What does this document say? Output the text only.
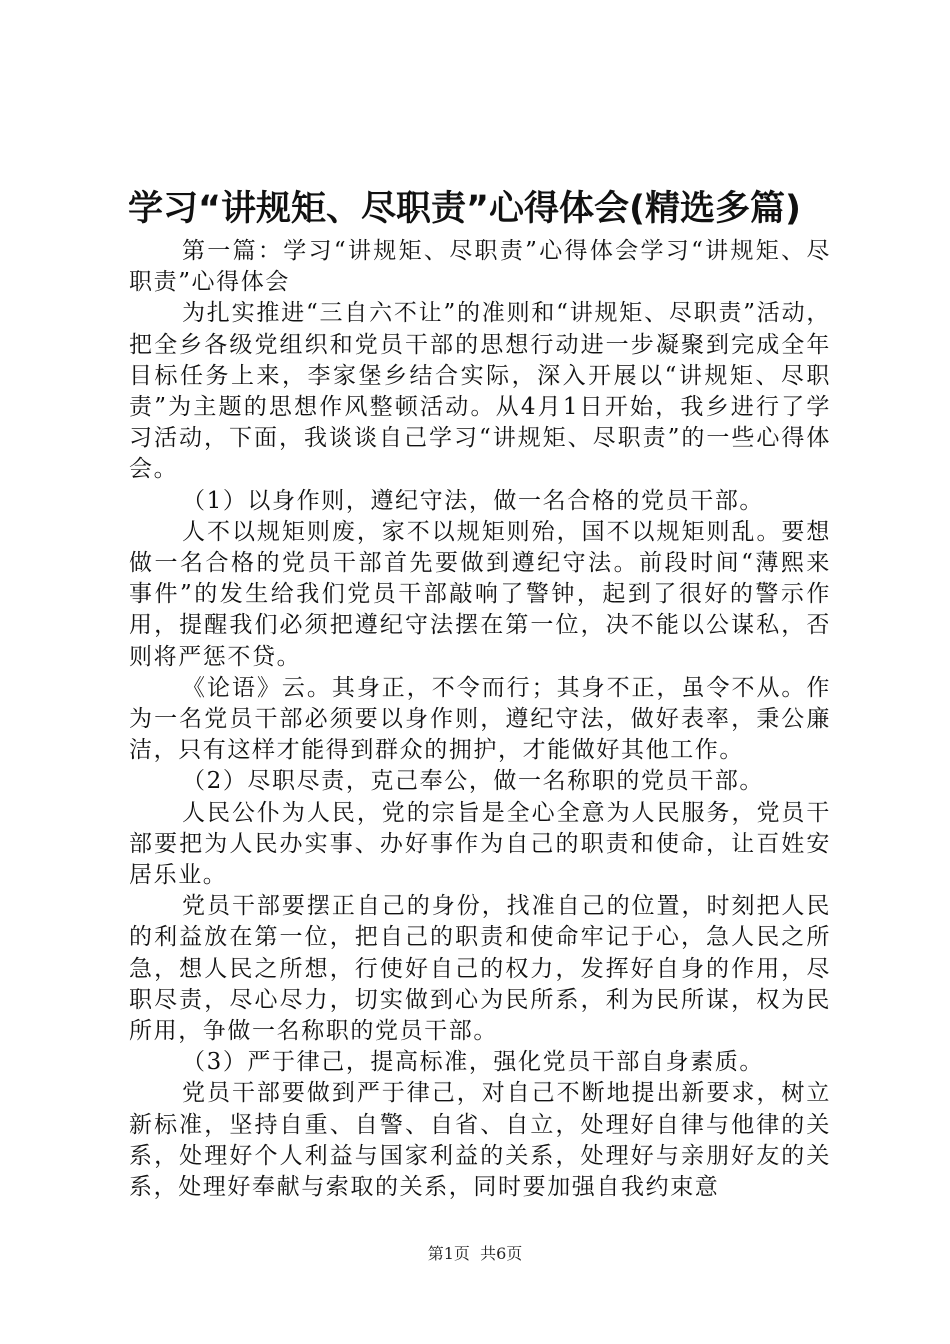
学习“讲规矩、尽职责”心得体会(精选多篇)

第一篇：学习“讲规矩、尽职责”心得体会学习“讲规矩、尽职责”心得体会

为扎实推进“三自六不让”的准则和“讲规矩、尽职责”活动，把全乡各级党组织和党员干部的思想行动进一步凝聚到完成全年目标任务上来，李家堡乡结合实际，深入开展以“讲规矩、尽职责”为主题的思想作风整顿活动。从4月1日开始，我乡进行了学习活动，下面，我谈谈自己学习“讲规矩、尽职责”的一些心得体会。

（1）以身作则，遵纪守法，做一名合格的党员干部。

人不以规矩则废，家不以规矩则殆，国不以规矩则乱。要想做一名合格的党员干部首先要做到遵纪守法。前段时间“薄熙来事件”的发生给我们党员干部敲响了警钟，起到了很好的警示作用，提醒我们必须把遵纪守法摆在第一位，决不能以公谋私，否则将严惩不贷。

《论语》云。其身正，不令而行；其身不正，虽令不从。作为一名党员干部必须要以身作则，遵纪守法，做好表率，秉公廉洁，只有这样才能得到群众的拥护，才能做好其他工作。

（2）尽职尽责，克己奉公，做一名称职的党员干部。

人民公仆为人民，党的宗旨是全心全意为人民服务，党员干部要把为人民办实事、办好事作为自己的职责和使命，让百姓安居乐业。

党员干部要摆正自己的身份，找准自己的位置，时刻把人民的利益放在第一位，把自己的职责和使命牢记于心，急人民之所急，想人民之所想，行使好自己的权力，发挥好自身的作用，尽职尽责，尽心尽力，切实做到心为民所系，利为民所谋，权为民所用，争做一名称职的党员干部。

（3）严于律己，提高标准，强化党员干部自身素质。

党员干部要做到严于律己，对自己不断地提出新要求，树立新标准，坚持自重、自警、自省、自立，处理好自律与他律的关系，处理好个人利益与国家利益的关系，处理好与亲朋好友的关系，处理好奉献与索取的关系，同时要加强自我约束意

第1页  共6页
